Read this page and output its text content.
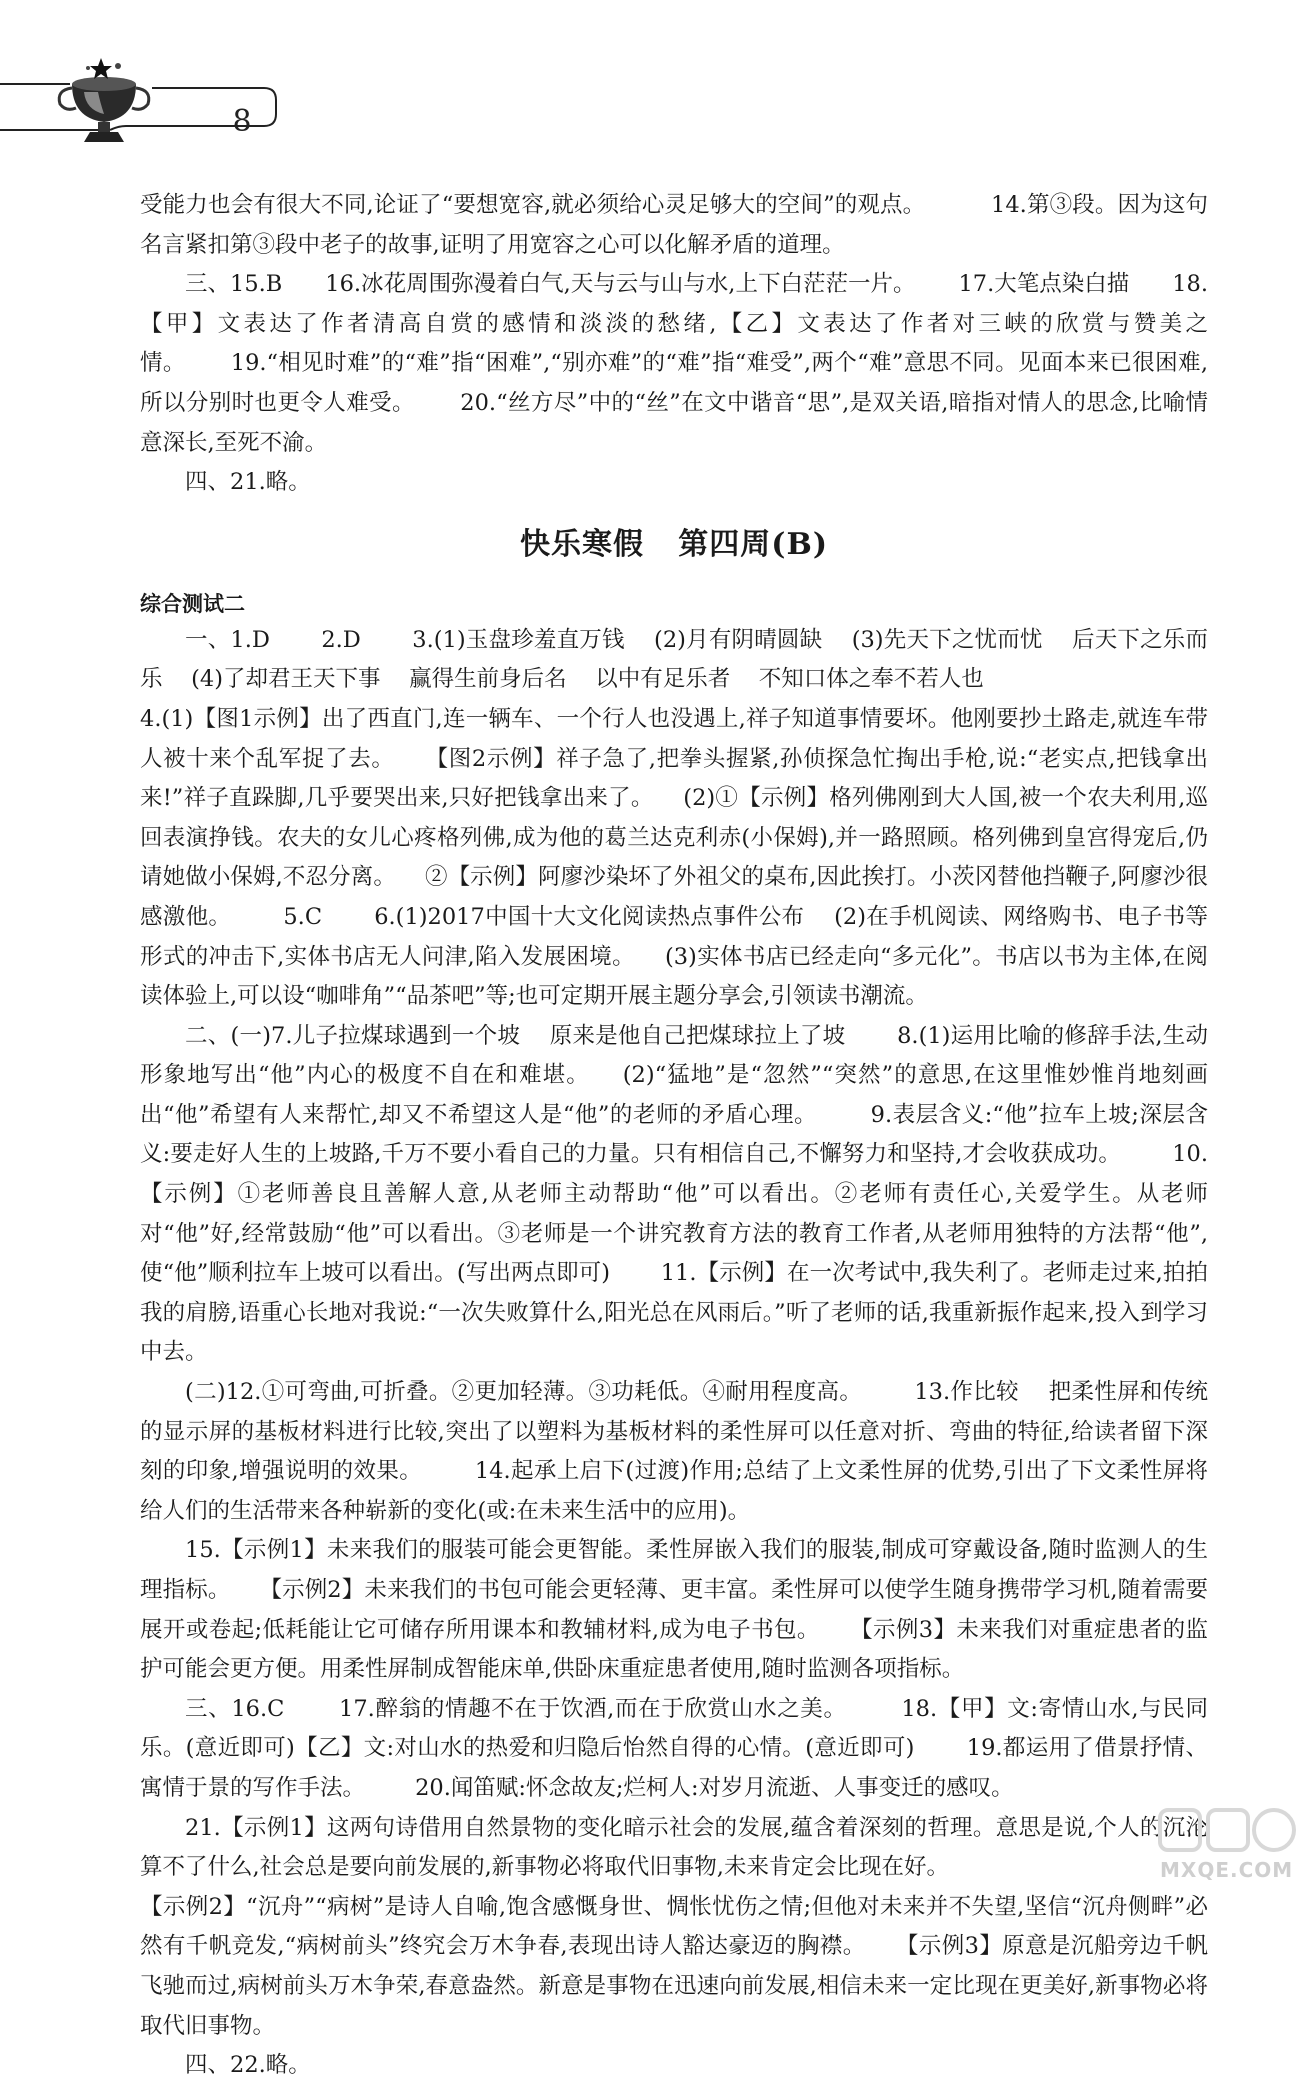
8

受能力也会有很大不同,论证了“要想宽容,就必须给心灵足够大的空间”的观点。         14.第③段。因为这句名言紧扣第③段中老子的故事,证明了用宽容之心可以化解矛盾的道理。

三、15.B      16.冰花周围弥漫着白气,天与云与山与水,上下白茫茫一片。      17.大笔点染白描      18.【甲】文表达了作者清高自赏的感情和淡淡的愁绪,【乙】文表达了作者对三峡的欣赏与赞美之情。      19.“相见时难”的“难”指“困难”,“别亦难”的“难”指“难受”,两个“难”意思不同。见面本来已很困难,所以分别时也更令人难受。      20.“丝方尽”中的“丝”在文中谐音“思”,是双关语,暗指对情人的思念,比喻情意深长,至死不渝。

四、21.略。

快乐寒假   第四周(B)
综合测试二

一、1.D       2.D       3.(1)玉盘珍羞直万钱    (2)月有阴晴圆缺    (3)先天下之忧而忧    后天下之乐而乐    (4)了却君王天下事    赢得生前身后名    以中有足乐者    不知口体之奉不若人也

4.(1)【图1示例】出了西直门,连一辆车、一个行人也没遇上,祥子知道事情要坏。他刚要抄土路走,就连车带人被十来个乱军捉了去。    【图2示例】祥子急了,把拳头握紧,孙侦探急忙掏出手枪,说:“老实点,把钱拿出来!”祥子直跺脚,几乎要哭出来,只好把钱拿出来了。    (2)①【示例】格列佛刚到大人国,被一个农夫利用,巡回表演挣钱。农夫的女儿心疼格列佛,成为他的葛兰达克利赤(小保姆),并一路照顾。格列佛到皇宫得宠后,仍请她做小保姆,不忍分离。    ②【示例】阿廖沙染坏了外祖父的桌布,因此挨打。小茨冈替他挡鞭子,阿廖沙很感激他。       5.C       6.(1)2017中国十大文化阅读热点事件公布    (2)在手机阅读、网络购书、电子书等形式的冲击下,实体书店无人问津,陷入发展困境。    (3)实体书店已经走向“多元化”。书店以书为主体,在阅读体验上,可以设“咖啡角”“品茶吧”等;也可定期开展主题分享会,引领读书潮流。

二、(一)7.儿子拉煤球遇到一个坡    原来是他自己把煤球拉上了坡       8.(1)运用比喻的修辞手法,生动形象地写出“他”内心的极度不自在和难堪。    (2)“猛地”是“忽然”“突然”的意思,在这里惟妙惟肖地刻画出“他”希望有人来帮忙,却又不希望这人是“他”的老师的矛盾心理。       9.表层含义:“他”拉车上坡;深层含义:要走好人生的上坡路,千万不要小看自己的力量。只有相信自己,不懈努力和坚持,才会收获成功。       10.【示例】①老师善良且善解人意,从老师主动帮助“他”可以看出。②老师有责任心,关爱学生。从老师对“他”好,经常鼓励“他”可以看出。③老师是一个讲究教育方法的教育工作者,从老师用独特的方法帮“他”,使“他”顺利拉车上坡可以看出。(写出两点即可)       11.【示例】在一次考试中,我失利了。老师走过来,拍拍我的肩膀,语重心长地对我说:“一次失败算什么,阳光总在风雨后。”听了老师的话,我重新振作起来,投入到学习中去。

(二)12.①可弯曲,可折叠。②更加轻薄。③功耗低。④耐用程度高。       13.作比较    把柔性屏和传统的显示屏的基板材料进行比较,突出了以塑料为基板材料的柔性屏可以任意对折、弯曲的特征,给读者留下深刻的印象,增强说明的效果。       14.起承上启下(过渡)作用;总结了上文柔性屏的优势,引出了下文柔性屏将给人们的生活带来各种崭新的变化(或:在未来生活中的应用)。

15.【示例1】未来我们的服装可能会更智能。柔性屏嵌入我们的服装,制成可穿戴设备,随时监测人的生理指标。    【示例2】未来我们的书包可能会更轻薄、更丰富。柔性屏可以使学生随身携带学习机,随着需要展开或卷起;低耗能让它可储存所用课本和教辅材料,成为电子书包。    【示例3】未来我们对重症患者的监护可能会更方便。用柔性屏制成智能床单,供卧床重症患者使用,随时监测各项指标。

三、16.C       17.醉翁的情趣不在于饮酒,而在于欣赏山水之美。       18.【甲】文:寄情山水,与民同乐。(意近即可)【乙】文:对山水的热爱和归隐后怡然自得的心情。(意近即可)       19.都运用了借景抒情、寓情于景的写作手法。       20.闻笛赋:怀念故友;烂柯人:对岁月流逝、人事变迁的感叹。

21.【示例1】这两句诗借用自然景物的变化暗示社会的发展,蕴含着深刻的哲理。意思是说,个人的沉沦算不了什么,社会总是要向前发展的,新事物必将取代旧事物,未来肯定会比现在好。

【示例2】“沉舟”“病树”是诗人自喻,饱含感慨身世、惆怅忧伤之情;但他对未来并不失望,坚信“沉舟侧畔”必然有千帆竞发,“病树前头”终究会万木争春,表现出诗人豁达豪迈的胸襟。    【示例3】原意是沉船旁边千帆飞驰而过,病树前头万木争荣,春意盎然。新意是事物在迅速向前发展,相信未来一定比现在更美好,新事物必将取代旧事物。

四、22.略。

MXQE.COM
